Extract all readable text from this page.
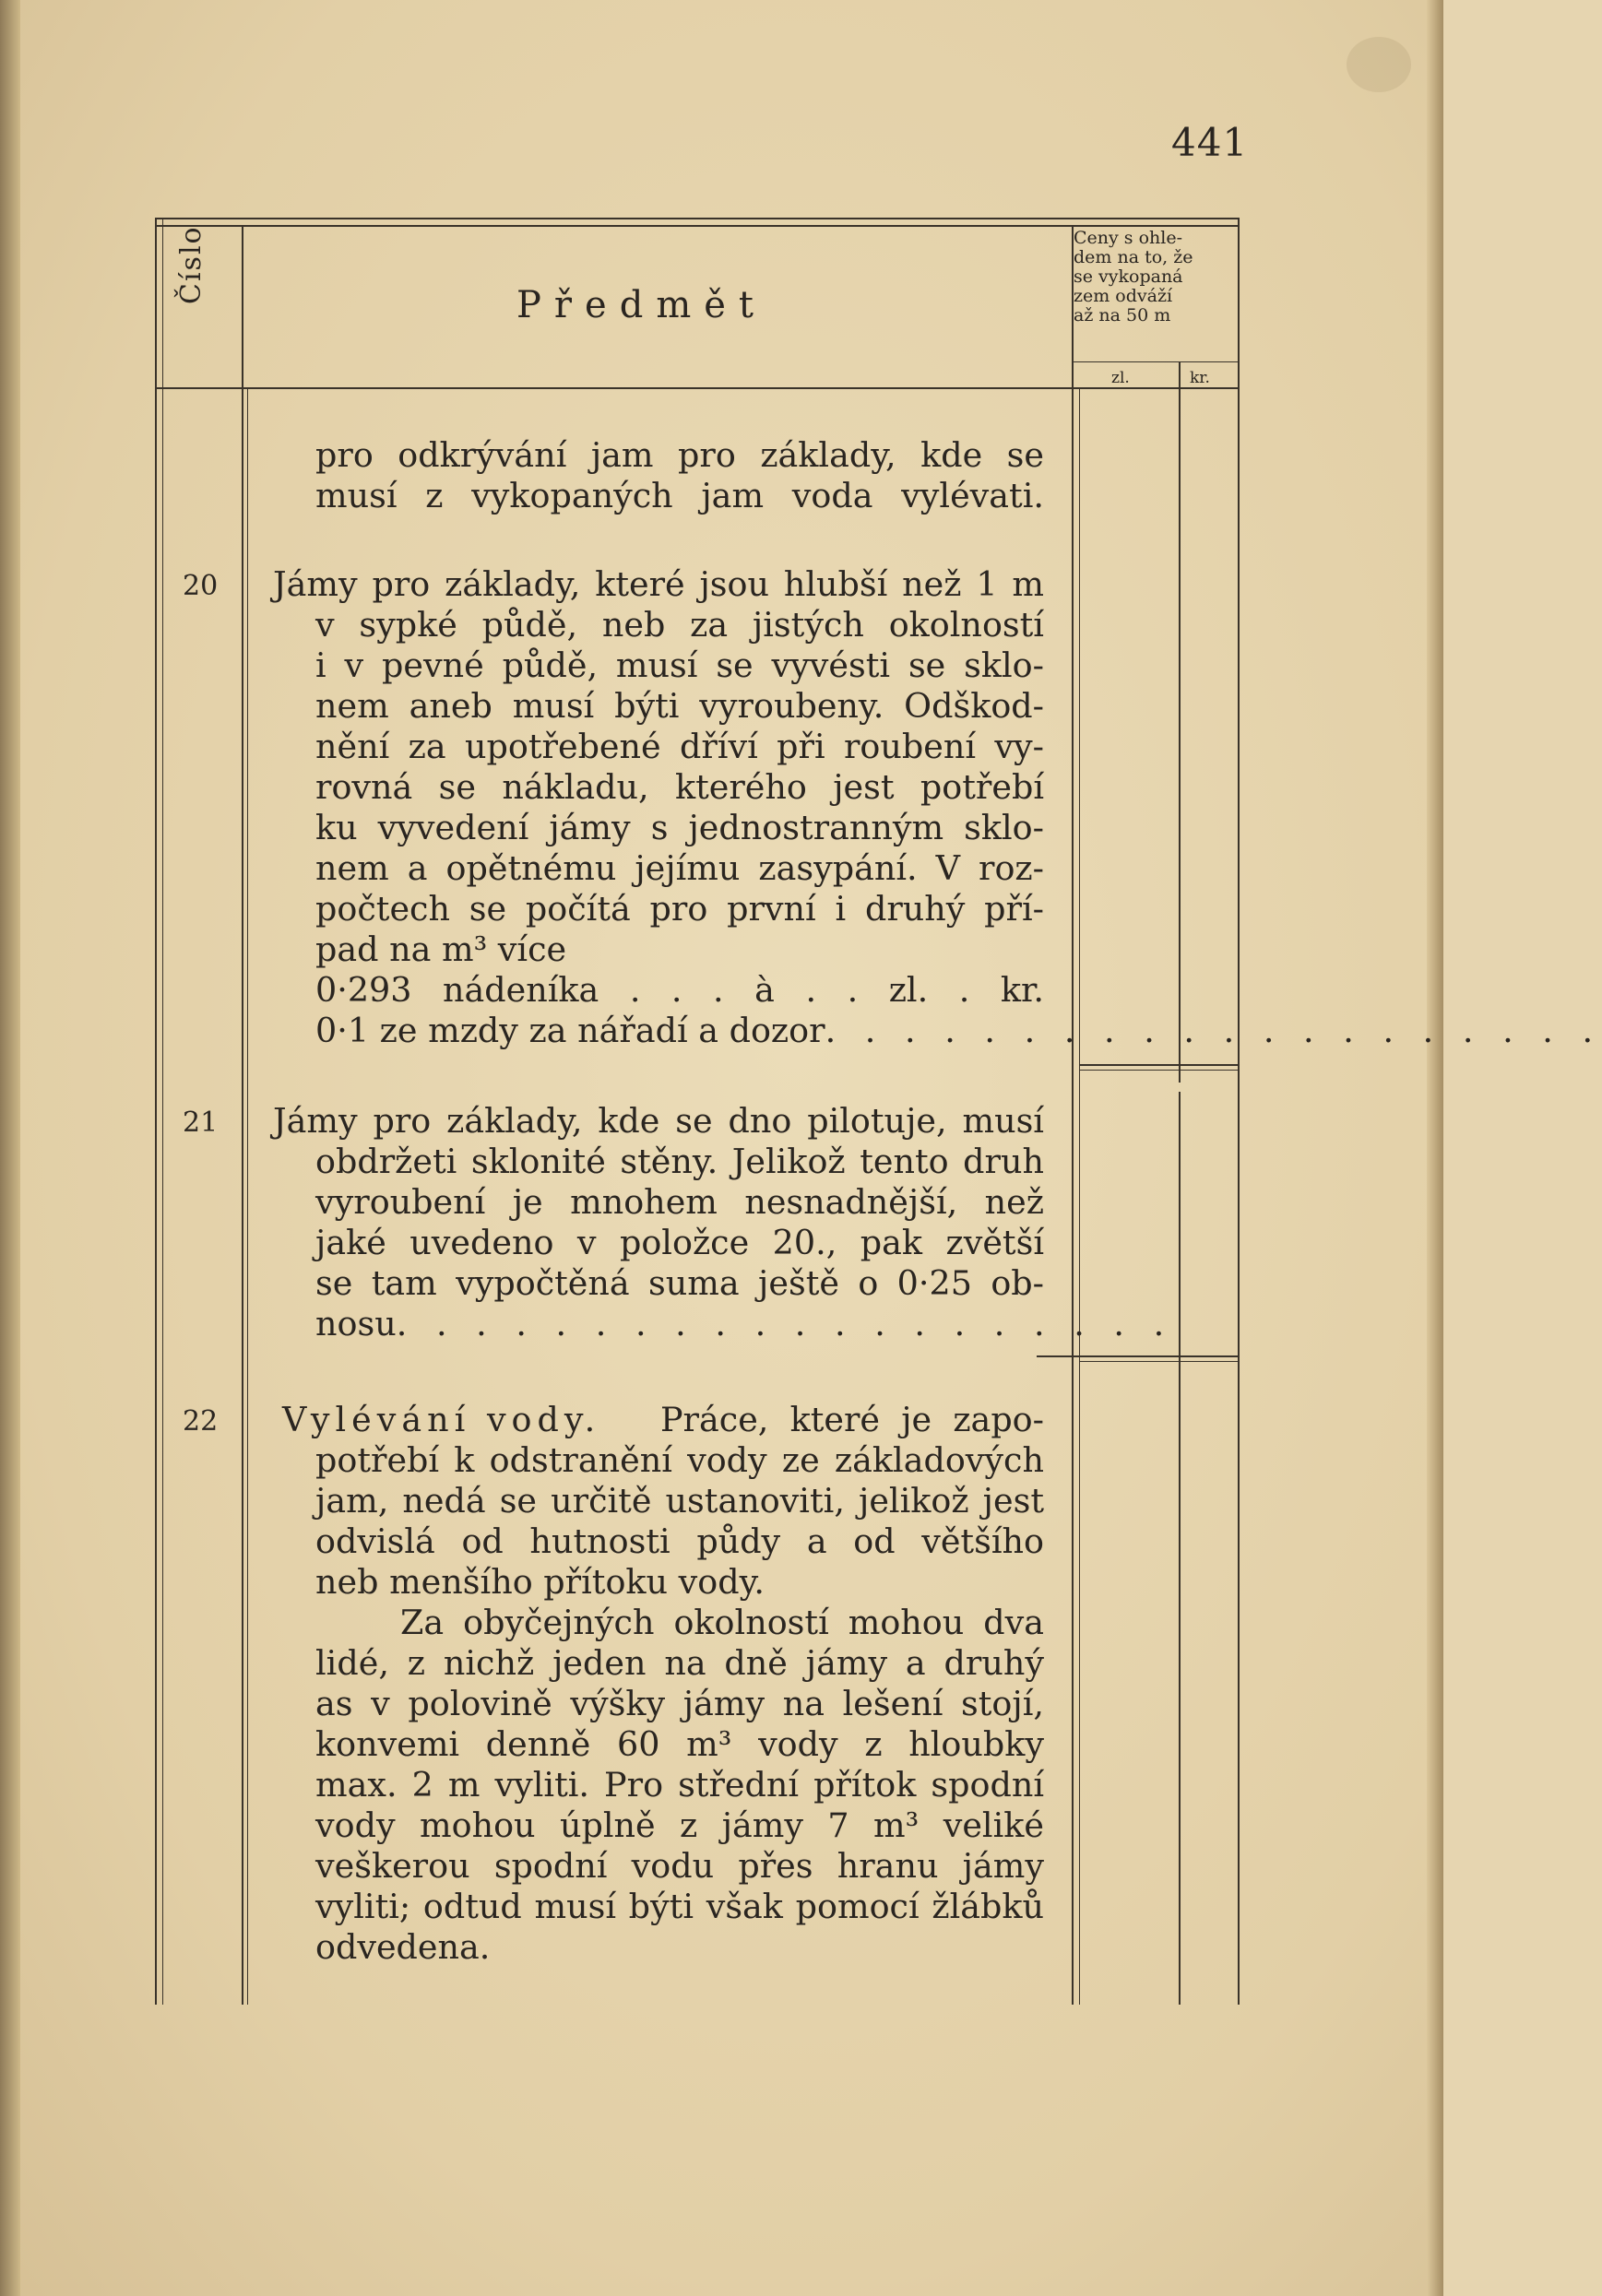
441
Číslo
Předmět
Ceny s ohle-
dem na to, že
se vykopaná
zem odváží
až na 50 m
zl.	kr.
pro odkrývání jam pro základy, kde se
musí z vykopaných jam voda vylévati.
20 Jámy pro základy, které jsou hlubší než 1 m
v sypké půdě, neb za jistých okolností
i v pevné půdě, musí se vyvésti se sklo-
nem aneb musí býti vyroubeny. Odškod-
nění za upotřebené dříví při roubení vy-
rovná se nákladu, kterého jest potřebí
ku vyvedení jámy s jednostranným sklo-
nem a opětnému jejímu zasypání. V roz-
počtech se počítá pro první i druhý pří-
pad na m³ více
0·293 nádeníka . . . à . . zl. . kr.
0·1 ze mzdy za nářadí a dozor . . . . . . . . . . . . . . . . . . . .
21 Jámy pro základy, kde se dno pilotuje, musí
obdržeti sklonité stěny. Jelikož tento druh
vyroubení je mnohem nesnadnější, než
jaké uvedeno v položce 20., pak zvětší
se tam vypočtěná suma ještě o 0·25 ob-
nosu . . . . . . . . . . . . . . . . . . . .
22 Vylévání vody. Práce, které je zapo-
potřebí k odstranění vody ze základových
jam, nedá se určitě ustanoviti, jelikož jest
odvislá od hutnosti půdy a od většího
neb menšího přítoku vody.
Za obyčejných okolností mohou dva
lidé, z nichž jeden na dně jámy a druhý
as v polovině výšky jámy na lešení stojí,
konvemi denně 60 m³ vody z hloubky
max. 2 m vyliti. Pro střední přítok spodní
vody mohou úplně z jámy 7 m³ veliké
veškerou spodní vodu přes hranu jámy
vyliti; odtud musí býti však pomocí žlábků
odvedena.
